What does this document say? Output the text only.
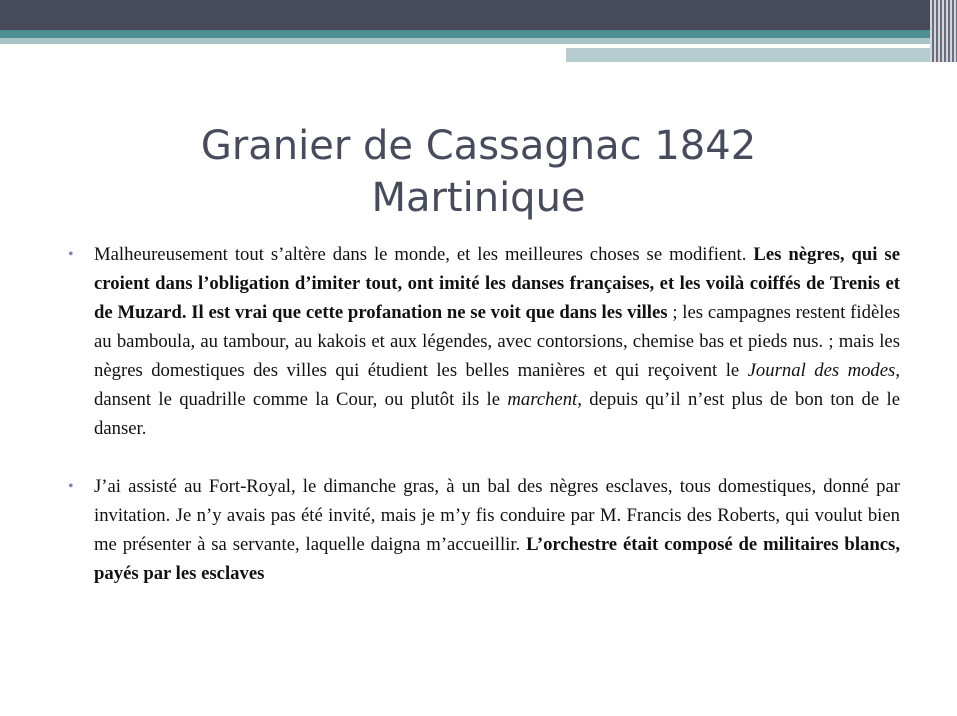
Granier de Cassagnac 1842
Martinique

• Malheureusement tout s’altère dans le monde, et les meilleures choses se modifient. Les nègres, qui se croient dans l’obligation d’imiter tout, ont imité les danses françaises, et les voilà coiffés de Trenis et de Muzard. Il est vrai que cette profanation ne se voit que dans les villes ; les campagnes restent fidèles au bamboula, au tambour, au kakois et aux légendes, avec contorsions, chemise bas et pieds nus. ; mais les nègres domestiques des villes qui étudient les belles manières et qui reçoivent le Journal des modes, dansent le quadrille comme la Cour, ou plutôt ils le marchent, depuis qu’il n’est plus de bon ton de le danser.

• J’ai assisté au Fort-Royal, le dimanche gras, à un bal des nègres esclaves, tous domestiques, donné par invitation. Je n’y avais pas été invité, mais je m’y fis conduire par M. Francis des Roberts, qui voulut bien me présenter à sa servante, laquelle daigna m’accueillir. L’orchestre était composé de militaires blancs, payés par les esclaves
